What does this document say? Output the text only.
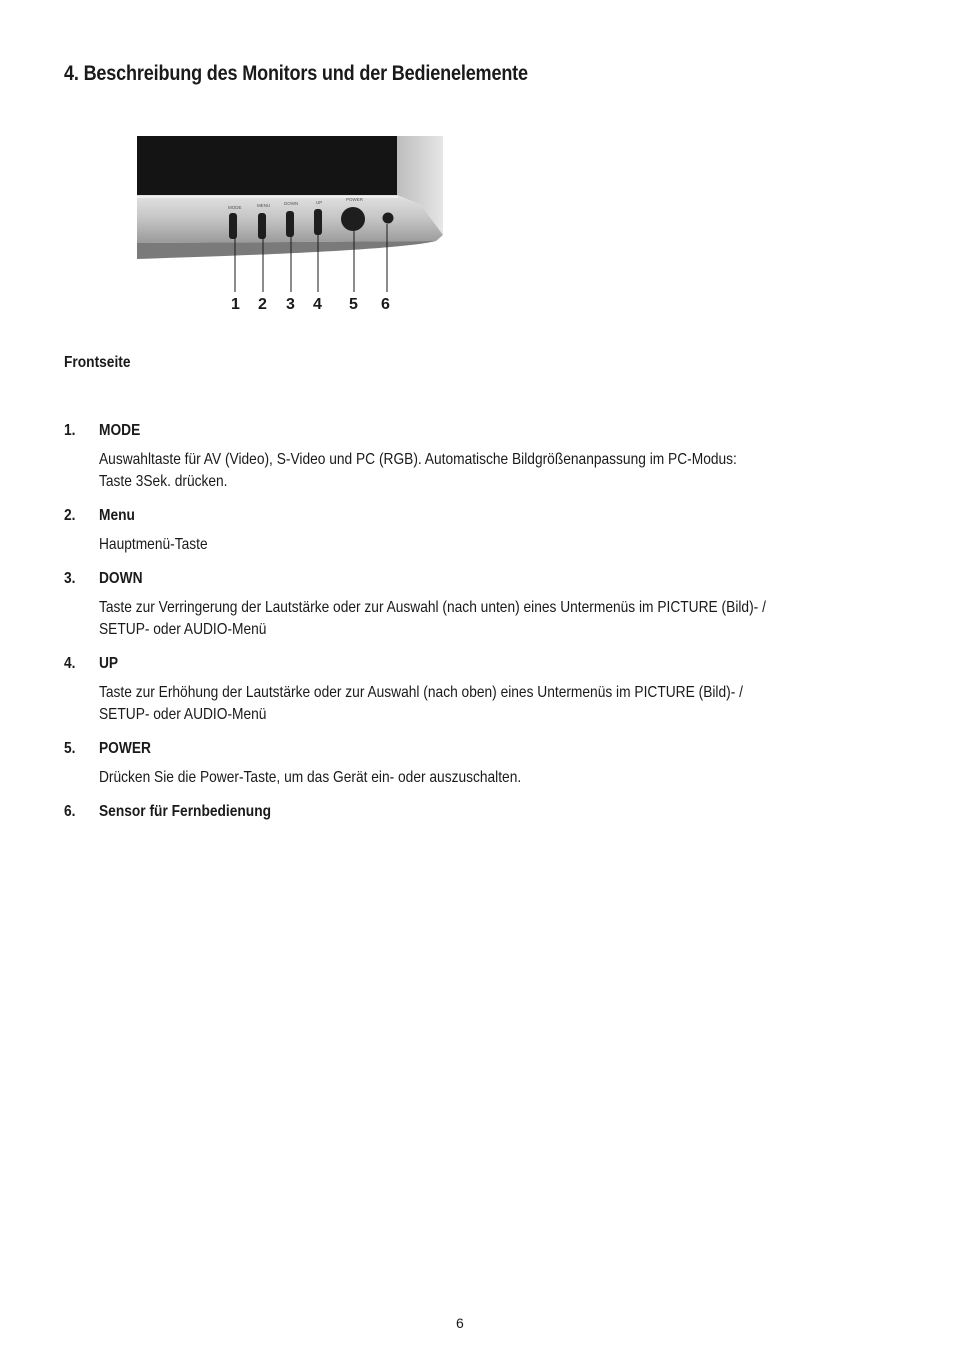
4. Beschreibung des Monitors und der Bedienelemente
MODE	MENU	DOWN	UP
POWER
1 2 3 4 5 6
Frontseite
1. MODE
Auswahltaste für AV (Video), S-Video und PC (RGB). Automatische Bildgrößenanpassung im PC-Modus:
Taste 3Sek. drücken.
2. Menu
Hauptmenü-Taste
3. DOWN
Taste zur Verringerung der Lautstärke oder zur Auswahl (nach unten) eines Untermenüs im PICTURE (Bild)- /
SETUP- oder AUDIO-Menü
4. UP
Taste zur Erhöhung der Lautstärke oder zur Auswahl (nach oben) eines Untermenüs im PICTURE (Bild)- /
SETUP- oder AUDIO-Menü
5. POWER
Drücken Sie die Power-Taste, um das Gerät ein- oder auszuschalten.
6. Sensor für Fernbedienung
6
